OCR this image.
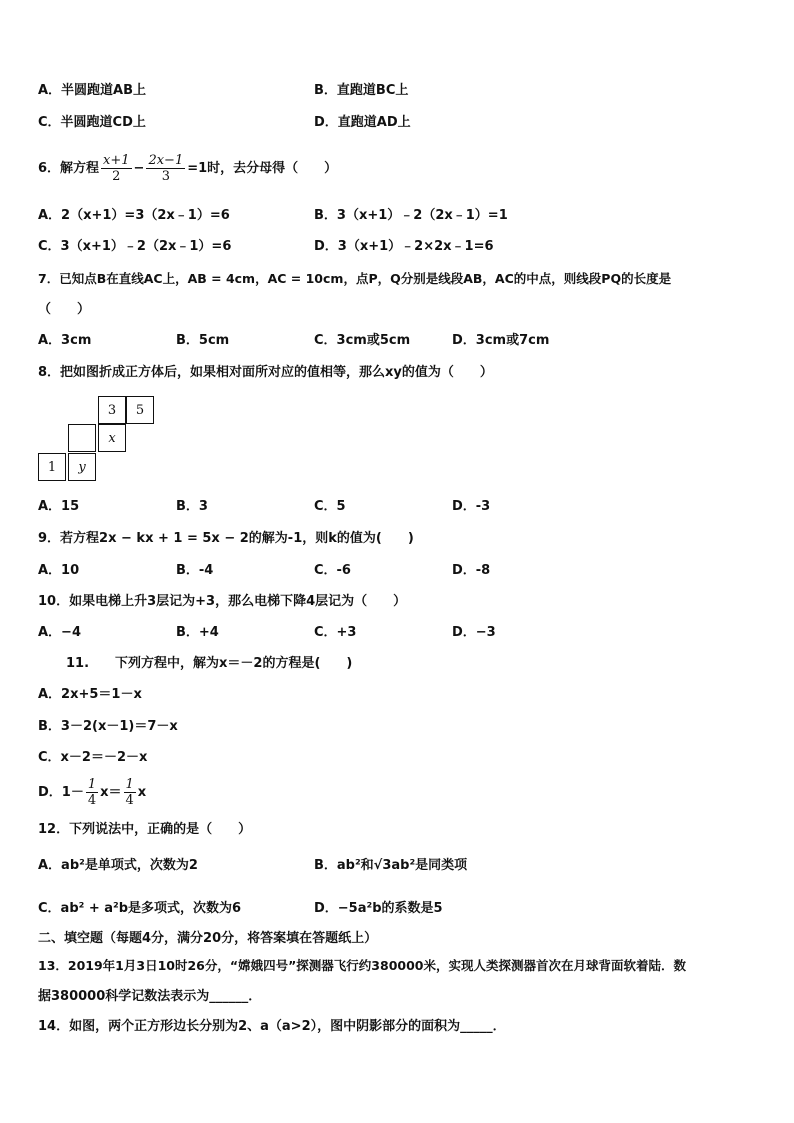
A．半圆跑道AB上	B．直跑道BC上
C．半圆跑道CD上	D．直跑道AD上
6．解方程 $\frac{x+1}{2} - \frac{2x-1}{3} =1$时，去分母得（　　）
A．2（x+1）=3（2x﹣1）=6	B．3（x+1）﹣2（2x﹣1）=1
C．3（x+1）﹣2（2x﹣1）=6	D．3（x+1）﹣2×2x﹣1=6
7．已知点B在直线AC上，AB = 4cm，AC = 10cm，点P，Q分别是线段AB，AC的中点，则线段PQ的长度是
（　　）
A．3cm	B．5cm	C．3cm或5cm	D．3cm或7cm
8．把如图折成正方体后，如果相对面所对应的值相等，那么xy的值为（　　）
3	5
x
1	y
A．15	B．3	C．5	D．-3
9．若方程2x − kx + 1 = 5x − 2的解为-1，则k的值为(　　)
A．10	B．-4	C．-6	D．-8
10．如果电梯上升3层记为+3，那么电梯下降4层记为（　　）
A．−4	B．+4	C．+3	D．−3
11.　　下列方程中，解为x＝－2的方程是(　　)
A．2x+5＝1－x
B．3－2(x－1)＝7－x
C．x－2＝－2－x
D．$1- \frac{1}{4} x= \frac{1}{4}$ x
12．下列说法中，正确的是（　　）
A．ab²是单项式，次数为2	B．ab²和√3ab²是同类项
C．ab² + a²b是多项式，次数为6	D．−5a²b的系数是5
二、填空题（每题4分，满分20分，将答案填在答题纸上）
13．2019年1月3日10时26分，“嫦娥四号”探测器飞行约380000米，实现人类探测器首次在月球背面软着陆．数
据380000科学记数法表示为______．
14．如图，两个正方形边长分别为2、a（a>2），图中阴影部分的面积为_____．
